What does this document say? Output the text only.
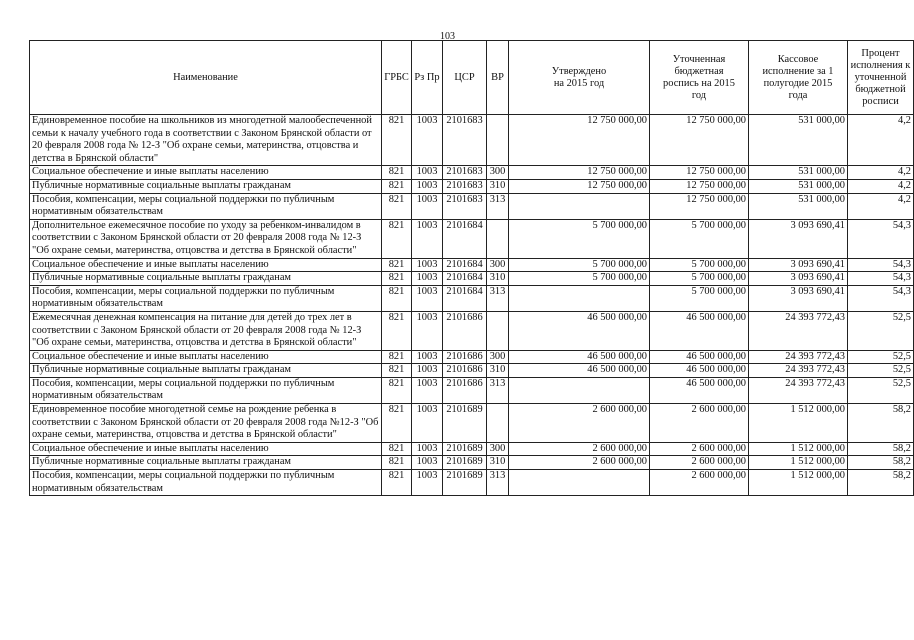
103
Наименование	ГРБС	Рз Пр	ЦСР	ВР	Утверждено на 2015 год	Уточненная бюджетная роспись на 2015 год	Кассовое исполнение за 1 полугодие 2015 года	Процент исполнения к уточненной бюджетной росписи
Единовременное пособие на школьников из многодетной малообеспеченной семьи к началу учебного года в соответствии с Законом Брянской области от 20 февраля 2008 года № 12-З "Об охране семьи, материнства, отцовства и детства в Брянской области"	821	1003	2101683		12 750 000,00	12 750 000,00	531 000,00	4,2
Социальное обеспечение и иные выплаты населению	821	1003	2101683	300	12 750 000,00	12 750 000,00	531 000,00	4,2
Публичные нормативные социальные выплаты гражданам	821	1003	2101683	310	12 750 000,00	12 750 000,00	531 000,00	4,2
Пособия, компенсации, меры социальной поддержки по публичным нормативным обязательствам	821	1003	2101683	313		12 750 000,00	531 000,00	4,2
Дополнительное ежемесячное пособие по уходу за ребенком-инвалидом в соответствии с Законом Брянской области от 20 февраля 2008 года № 12-З "Об охране семьи, материнства, отцовства и детства в Брянской области"	821	1003	2101684		5 700 000,00	5 700 000,00	3 093 690,41	54,3
Социальное обеспечение и иные выплаты населению	821	1003	2101684	300	5 700 000,00	5 700 000,00	3 093 690,41	54,3
Публичные нормативные социальные выплаты гражданам	821	1003	2101684	310	5 700 000,00	5 700 000,00	3 093 690,41	54,3
Пособия, компенсации, меры социальной поддержки по публичным нормативным обязательствам	821	1003	2101684	313		5 700 000,00	3 093 690,41	54,3
Ежемесячная денежная компенсация на питание для детей до трех лет в соответствии с Законом Брянской области от 20 февраля 2008 года № 12-З "Об охране семьи, материнства, отцовства и детства в Брянской области"	821	1003	2101686		46 500 000,00	46 500 000,00	24 393 772,43	52,5
Социальное обеспечение и иные выплаты населению	821	1003	2101686	300	46 500 000,00	46 500 000,00	24 393 772,43	52,5
Публичные нормативные социальные выплаты гражданам	821	1003	2101686	310	46 500 000,00	46 500 000,00	24 393 772,43	52,5
Пособия, компенсации, меры социальной поддержки по публичным нормативным обязательствам	821	1003	2101686	313		46 500 000,00	24 393 772,43	52,5
Единовременное пособие многодетной семье на рождение ребенка в соответствии с Законом Брянской области от 20 февраля 2008 года №12-З "Об охране семьи, материнства, отцовства и детства в Брянской области"	821	1003	2101689		2 600 000,00	2 600 000,00	1 512 000,00	58,2
Социальное обеспечение и иные выплаты населению	821	1003	2101689	300	2 600 000,00	2 600 000,00	1 512 000,00	58,2
Публичные нормативные социальные выплаты гражданам	821	1003	2101689	310	2 600 000,00	2 600 000,00	1 512 000,00	58,2
Пособия, компенсации, меры социальной поддержки по публичным нормативным обязательствам	821	1003	2101689	313		2 600 000,00	1 512 000,00	58,2
